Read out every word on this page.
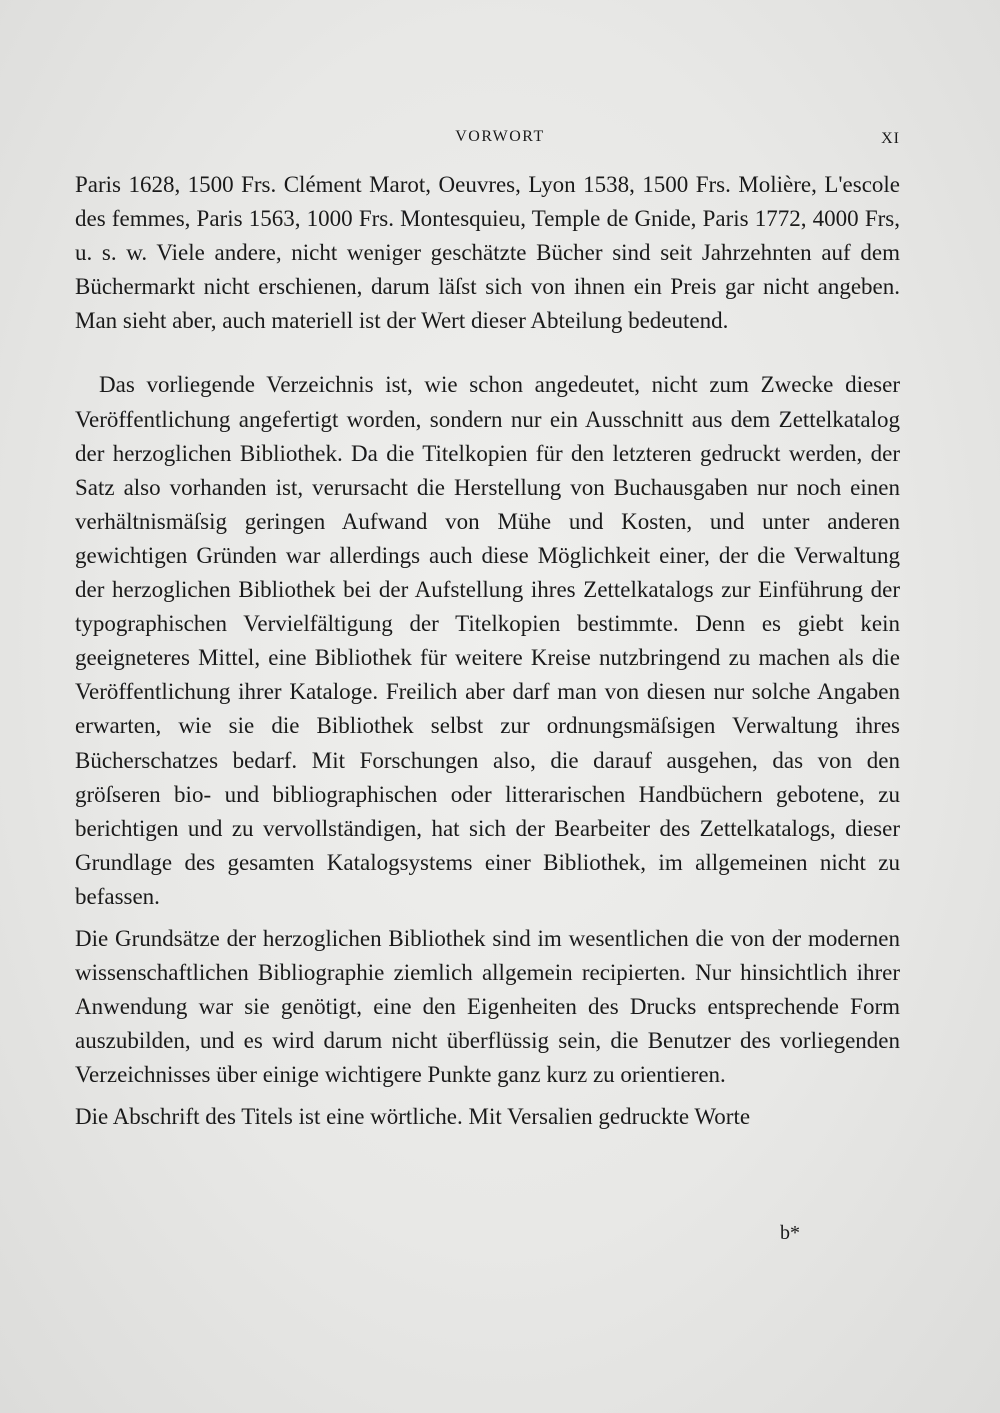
VORWORT	XI

Paris 1628, 1500 Frs. Clément Marot, Oeuvres, Lyon 1538, 1500 Frs. Molière, L'escole des femmes, Paris 1563, 1000 Frs. Montesquieu, Temple de Gnide, Paris 1772, 4000 Frs, u. s. w. Viele andere, nicht weniger geschätzte Bücher sind seit Jahrzehnten auf dem Büchermarkt nicht erschienen, darum läſst sich von ihnen ein Preis gar nicht angeben. Man sieht aber, auch materiell ist der Wert dieser Abteilung bedeutend.

Das vorliegende Verzeichnis ist, wie schon angedeutet, nicht zum Zwecke dieser Veröffentlichung angefertigt worden, sondern nur ein Ausschnitt aus dem Zettelkatalog der herzoglichen Bibliothek. Da die Titelkopien für den letzteren gedruckt werden, der Satz also vorhanden ist, verursacht die Herstellung von Buchausgaben nur noch einen verhältnismäſsig geringen Aufwand von Mühe und Kosten, und unter anderen gewichtigen Gründen war allerdings auch diese Möglichkeit einer, der die Verwaltung der herzoglichen Bibliothek bei der Aufstellung ihres Zettelkatalogs zur Einführung der typographischen Vervielfältigung der Titelkopien bestimmte. Denn es giebt kein geeigneteres Mittel, eine Bibliothek für weitere Kreise nutzbringend zu machen als die Veröffentlichung ihrer Kataloge. Freilich aber darf man von diesen nur solche Angaben erwarten, wie sie die Bibliothek selbst zur ordnungsmäſsigen Verwaltung ihres Bücherschatzes bedarf. Mit Forschungen also, die darauf ausgehen, das von den gröſseren bio- und bibliographischen oder litterarischen Handbüchern gebotene, zu berichtigen und zu vervollständigen, hat sich der Bearbeiter des Zettelkatalogs, dieser Grundlage des gesamten Katalogsystems einer Bibliothek, im allgemeinen nicht zu befassen.

Die Grundsätze der herzoglichen Bibliothek sind im wesentlichen die von der modernen wissenschaftlichen Bibliographie ziemlich allgemein recipierten. Nur hinsichtlich ihrer Anwendung war sie genötigt, eine den Eigenheiten des Drucks entsprechende Form auszubilden, und es wird darum nicht überflüssig sein, die Benutzer des vorliegenden Verzeichnisses über einige wichtigere Punkte ganz kurz zu orientieren.

Die Abschrift des Titels ist eine wörtliche. Mit Versalien gedruckte Worte

b*
